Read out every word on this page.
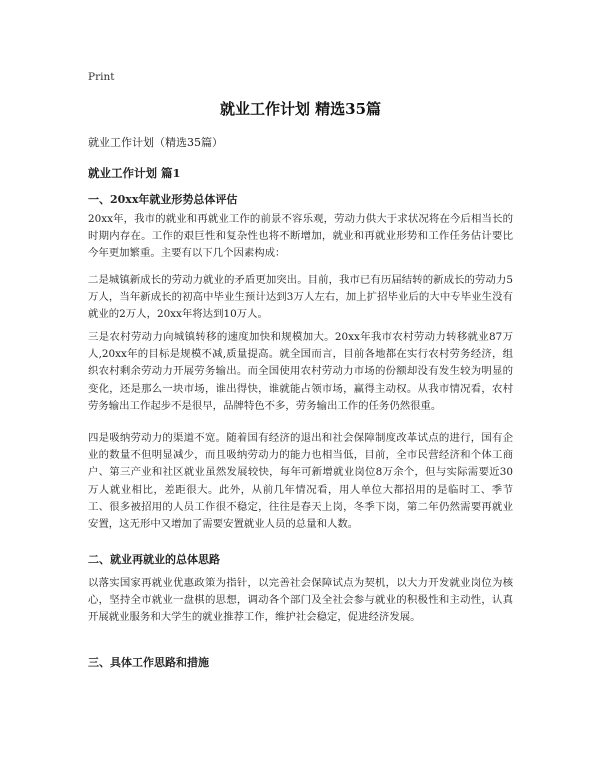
Print
就业工作计划 精选35篇
就业工作计划（精选35篇）
就业工作计划 篇1
一、20xx年就业形势总体评估
20xx年，我市的就业和再就业工作的前景不容乐观，劳动力供大于求状况将在今后相当长的时期内存在。工作的艰巨性和复杂性也将不断增加，就业和再就业形势和工作任务估计要比今年更加繁重。主要有以下几个因素构成：
二是城镇新成长的劳动力就业的矛盾更加突出。目前，我市已有历届结转的新成长的劳动力5万人，当年新成长的初高中毕业生预计达到3万人左右，加上扩招毕业后的大中专毕业生没有就业的2万人，20xx年将达到10万人。
三是农村劳动力向城镇转移的速度加快和规模加大。20xx年我市农村劳动力转移就业87万人,20xx年的目标是规模不减,质量提高。就全国而言，目前各地都在实行农村劳务经济，组织农村剩余劳动力开展劳务输出。而全国使用农村劳动力市场的份额却没有发生较为明显的变化，还是那么一块市场，谁出得快，谁就能占领市场，赢得主动权。从我市情况看，农村劳务输出工作起步不是很早，品牌特色不多，劳务输出工作的任务仍然很重。
四是吸纳劳动力的渠道不宽。随着国有经济的退出和社会保障制度改革试点的进行，国有企业的数量不但明显减少，而且吸纳劳动力的能力也相当低，目前，全市民营经济和个体工商户、第三产业和社区就业虽然发展较快，每年可新增就业岗位8万余个，但与实际需要近30万人就业相比，差距很大。此外，从前几年情况看，用人单位大都招用的是临时工、季节工、很多被招用的人员工作很不稳定，往往是春天上岗，冬季下岗，第二年仍然需要再就业安置，这无形中又增加了需要安置就业人员的总量和人数。
二、就业再就业的总体思路
以落实国家再就业优惠政策为指针，以完善社会保障试点为契机，以大力开发就业岗位为核心，坚持全市就业一盘棋的思想，调动各个部门及全社会参与就业的积极性和主动性，认真开展就业服务和大学生的就业推荐工作，维护社会稳定，促进经济发展。
三、具体工作思路和措施
